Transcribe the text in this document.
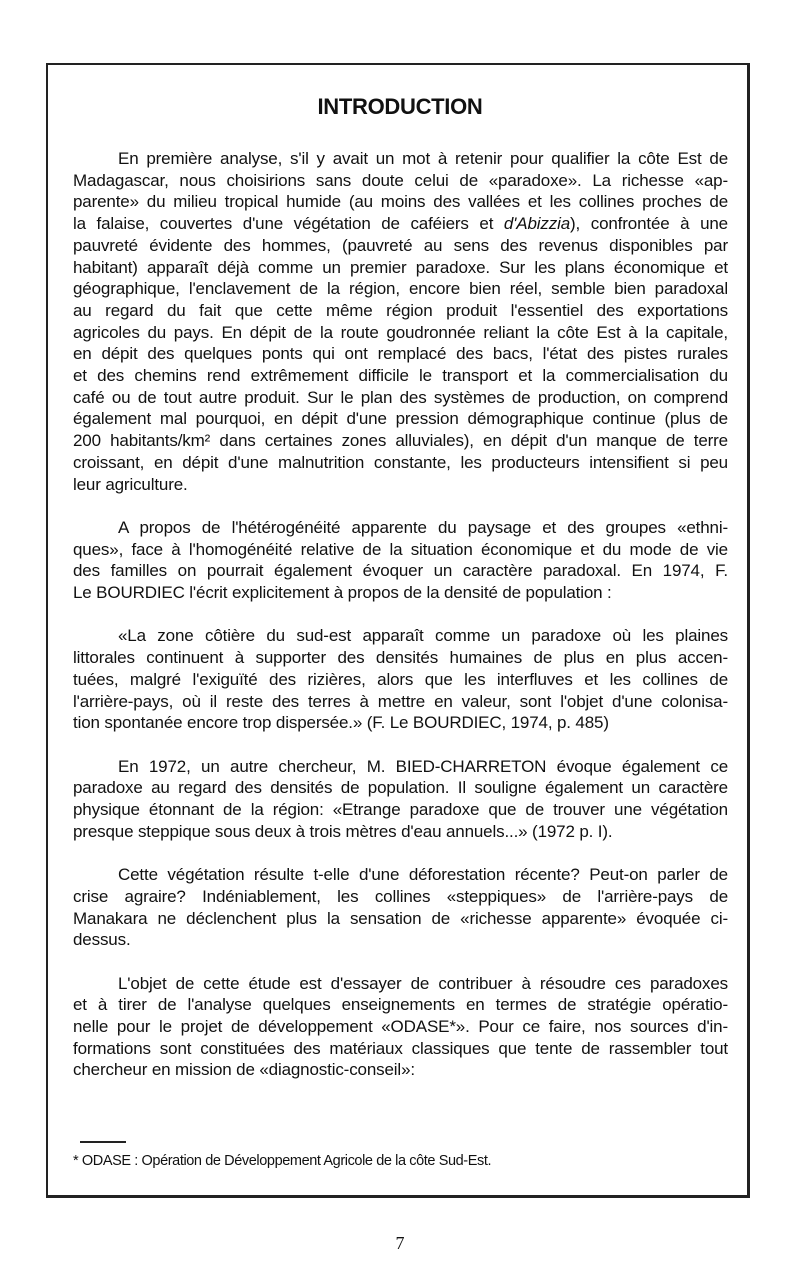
INTRODUCTION
En première analyse, s'il y avait un mot à retenir pour qualifier la côte Est de
Madagascar, nous choisirions sans doute celui de «paradoxe». La richesse «ap-
parente» du milieu tropical humide (au moins des vallées et les collines proches de
la falaise, couvertes d'une végétation de caféiers et d'Abizzia), confrontée à une
pauvreté évidente des hommes, (pauvreté au sens des revenus disponibles par
habitant) apparaît déjà comme un premier paradoxe. Sur les plans économique et
géographique, l'enclavement de la région, encore bien réel, semble bien paradoxal
au regard du fait que cette même région produit l'essentiel des exportations
agricoles du pays. En dépit de la route goudronnée reliant la côte Est à la capitale,
en dépit des quelques ponts qui ont remplacé des bacs, l'état des pistes rurales
et des chemins rend extrêmement difficile le transport et la commercialisation du
café ou de tout autre produit. Sur le plan des systèmes de production, on comprend
également mal pourquoi, en dépit d'une pression démographique continue (plus de
200 habitants/km² dans certaines zones alluviales), en dépit d'un manque de terre
croissant, en dépit d'une malnutrition constante, les producteurs intensifient si peu
leur agriculture.
A propos de l'hétérogénéité apparente du paysage et des groupes «ethni-
ques», face à l'homogénéité relative de la situation économique et du mode de vie
des familles on pourrait également évoquer un caractère paradoxal. En 1974, F.
Le BOURDIEC l'écrit explicitement à propos de la densité de population :
«La zone côtière du sud-est apparaît comme un paradoxe où les plaines
littorales continuent à supporter des densités humaines de plus en plus accen-
tuées, malgré l'exiguïté des rizières, alors que les interfluves et les collines de
l'arrière-pays, où il reste des terres à mettre en valeur, sont l'objet d'une colonisa-
tion spontanée encore trop dispersée.» (F. Le BOURDIEC, 1974, p. 485)
En 1972, un autre chercheur, M. BIED-CHARRETON évoque également ce
paradoxe au regard des densités de population. Il souligne également un caractère
physique étonnant de la région: «Etrange paradoxe que de trouver une végétation
presque steppique sous deux à trois mètres d'eau annuels...» (1972 p. I).
Cette végétation résulte t-elle d'une déforestation récente? Peut-on parler de
crise agraire? Indéniablement, les collines «steppiques» de l'arrière-pays de
Manakara ne déclenchent plus la sensation de «richesse apparente» évoquée ci-
dessus.
L'objet de cette étude est d'essayer de contribuer à résoudre ces paradoxes
et à tirer de l'analyse quelques enseignements en termes de stratégie opératio-
nelle pour le projet de développement «ODASE*». Pour ce faire, nos sources d'in-
formations sont constituées des matériaux classiques que tente de rassembler tout
chercheur en mission de «diagnostic-conseil»:
* ODASE : Opération de Développement Agricole de la côte Sud-Est.
7
